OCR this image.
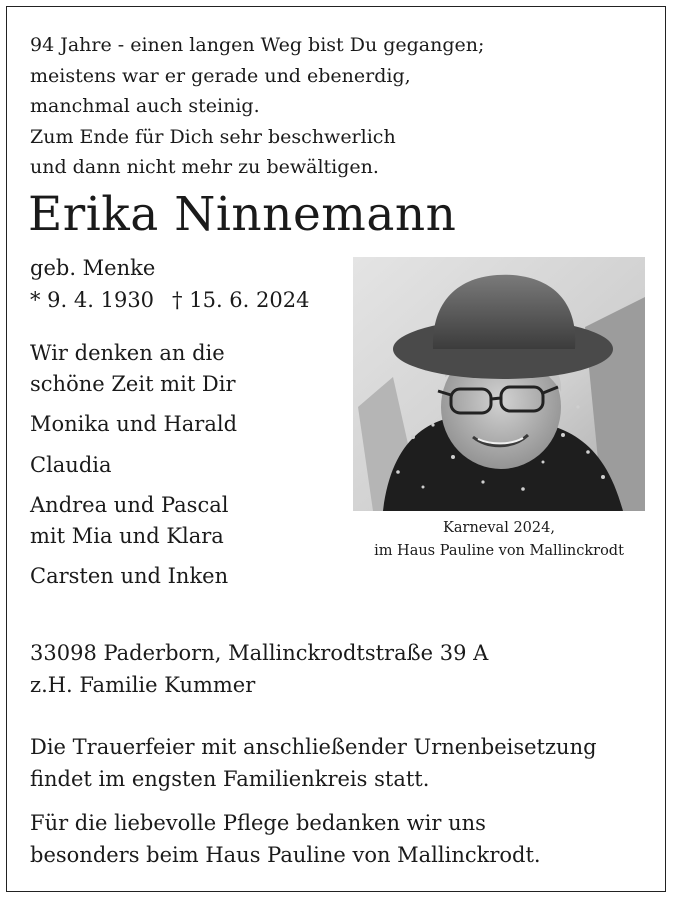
94 Jahre - einen langen Weg bist Du gegangen;
meistens war er gerade und ebenerdig,
manchmal auch steinig.
Zum Ende für Dich sehr beschwerlich
und dann nicht mehr zu bewältigen.
Erika Ninnemann
geb. Menke
* 9. 4. 1930 † 15. 6. 2024
Wir denken an die
schöne Zeit mit Dir
Monika und Harald
Claudia
Andrea und Pascal
mit Mia und Klara
Carsten und Inken
Karneval 2024,
im Haus Pauline von Mallinckrodt
33098 Paderborn, Mallinckrodtstraße 39 A
z.H. Familie Kummer
Die Trauerfeier mit anschließender Urnenbeisetzung
findet im engsten Familienkreis statt.
Für die liebevolle Pflege bedanken wir uns
besonders beim Haus Pauline von Mallinckrodt.
